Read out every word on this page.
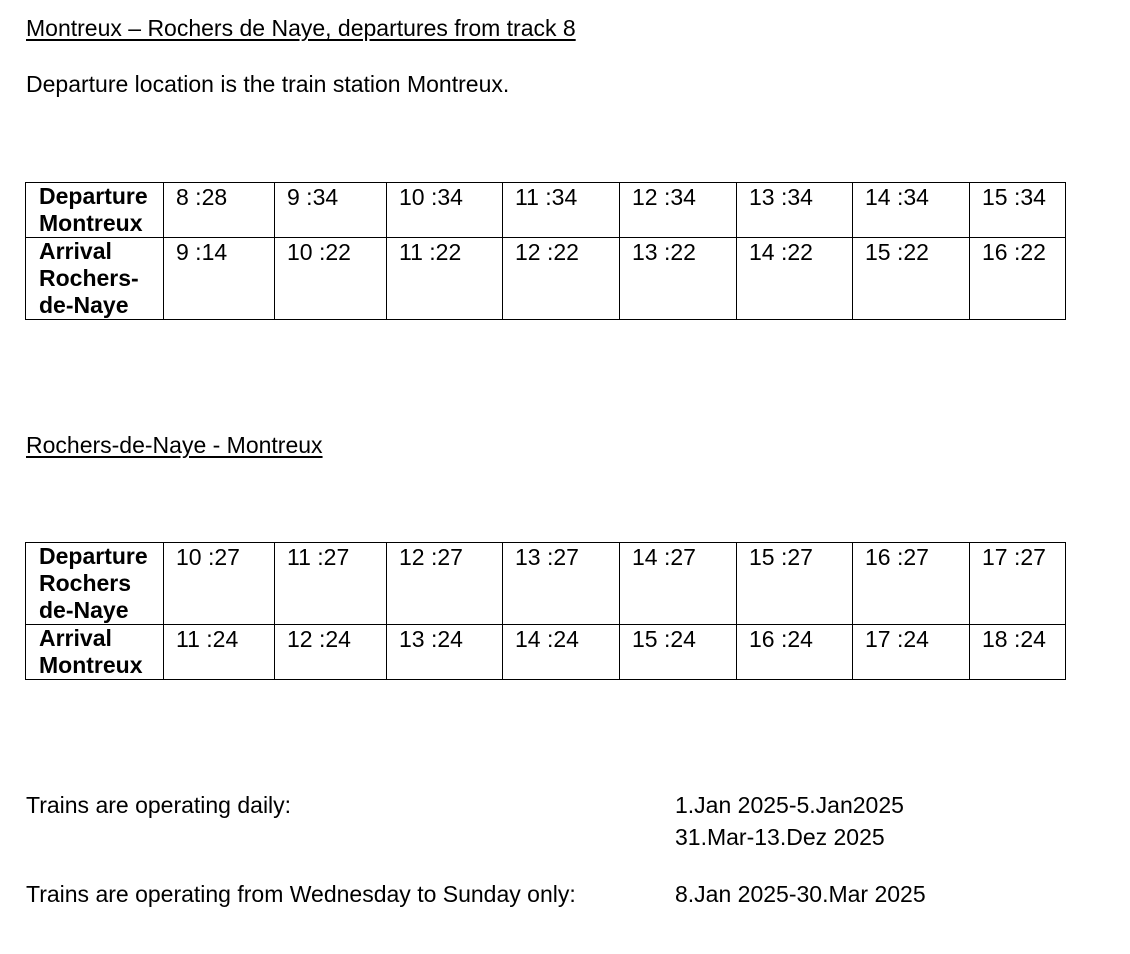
Montreux – Rochers de Naye, departures from track 8
Departure location is the train station Montreux.
Departure
Montreux	8 :28	9 :34	10 :34	11 :34	12 :34	13 :34	14 :34	15 :34
Arrival
Rochers-
de-Naye	9 :14	10 :22	11 :22	12 :22	13 :22	14 :22	15 :22	16 :22
Rochers-de-Naye - Montreux
Departure
Rochers
de-Naye	10 :27	11 :27	12 :27	13 :27	14 :27	15 :27	16 :27	17 :27
Arrival
Montreux	11 :24	12 :24	13 :24	14 :24	15 :24	16 :24	17 :24	18 :24
Trains are operating daily:	1.Jan 2025-5.Jan2025
31.Mar-13.Dez 2025
Trains are operating from Wednesday to Sunday only:	8.Jan 2025-30.Mar 2025
